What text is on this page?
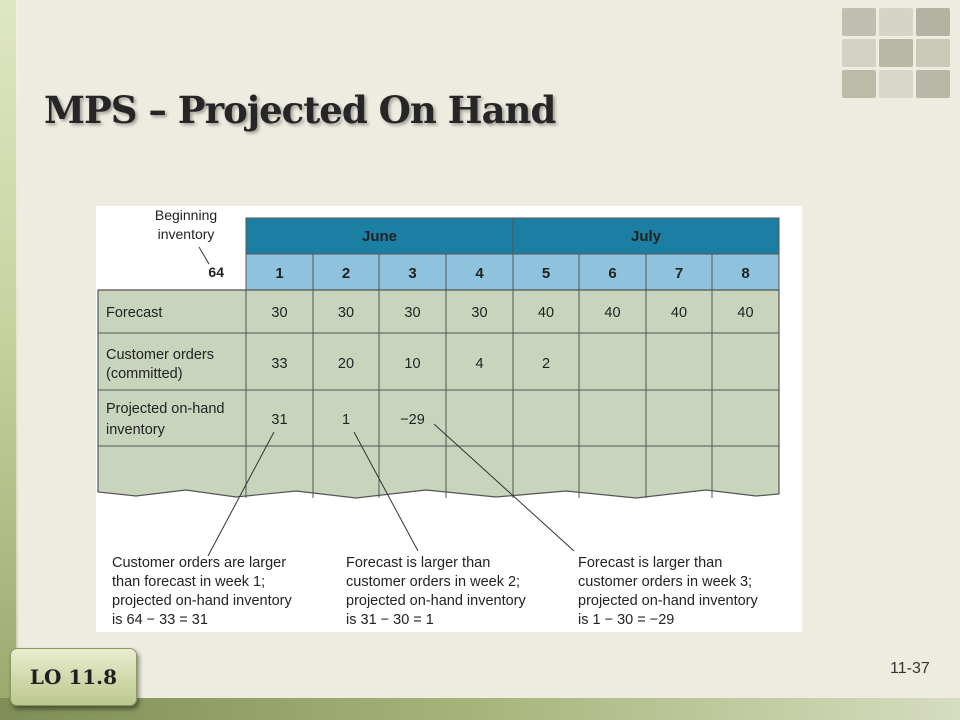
MPS – Projected On Hand
June	July
1	2	3	4	5	6	7	8
Beginning
inventory
64
Forecast	30	30	30	30	40	40	40	40
Customer orders
(committed)
33	20	10	4	2
Projected on-hand
inventory
31	1	−29
Customer orders are larger
than forecast in week 1;
projected on-hand inventory
is 64 − 33 = 31
Forecast is larger than
customer orders in week 2;
projected on-hand inventory
is 31 − 30 = 1
Forecast is larger than
customer orders in week 3;
projected on-hand inventory
is 1 − 30 = −29
LO 11.8	11-37
